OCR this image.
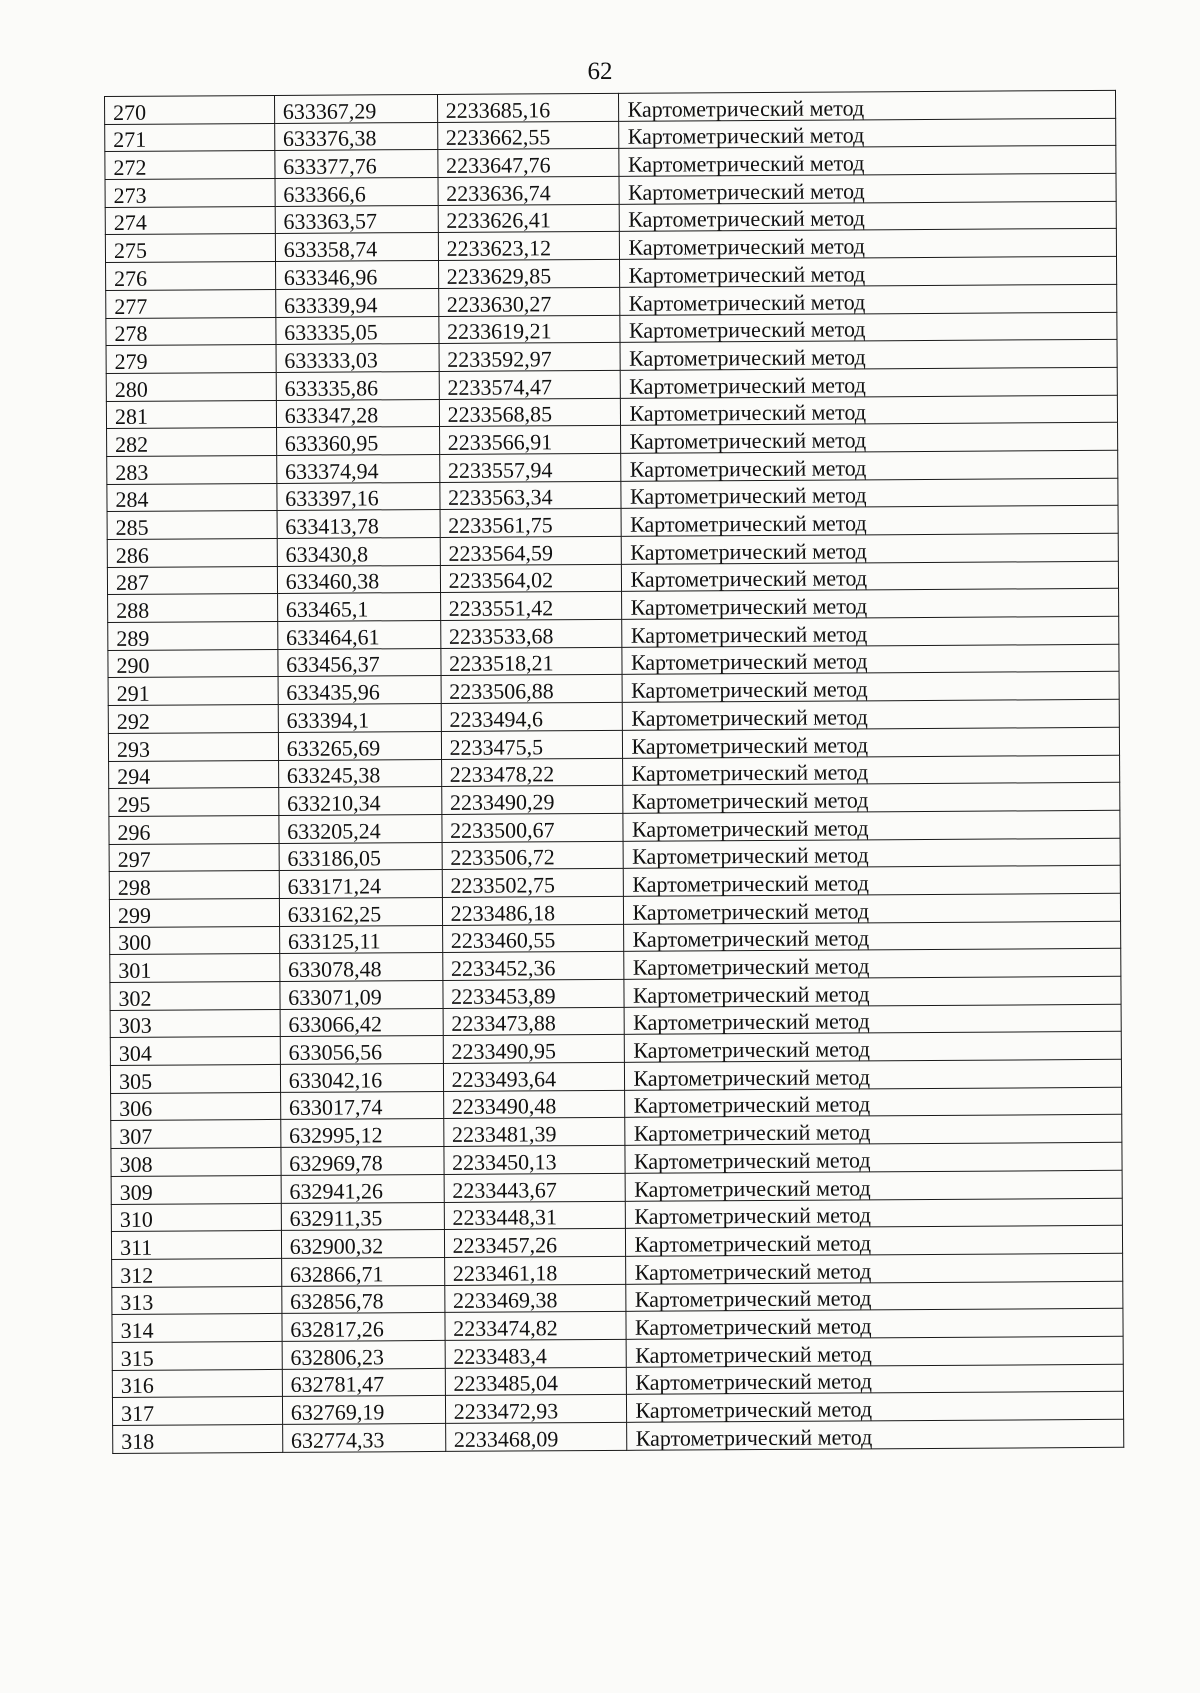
62
270	633367,29	2233685,16	Картометрический метод
271	633376,38	2233662,55	Картометрический метод
272	633377,76	2233647,76	Картометрический метод
273	633366,6	2233636,74	Картометрический метод
274	633363,57	2233626,41	Картометрический метод
275	633358,74	2233623,12	Картометрический метод
276	633346,96	2233629,85	Картометрический метод
277	633339,94	2233630,27	Картометрический метод
278	633335,05	2233619,21	Картометрический метод
279	633333,03	2233592,97	Картометрический метод
280	633335,86	2233574,47	Картометрический метод
281	633347,28	2233568,85	Картометрический метод
282	633360,95	2233566,91	Картометрический метод
283	633374,94	2233557,94	Картометрический метод
284	633397,16	2233563,34	Картометрический метод
285	633413,78	2233561,75	Картометрический метод
286	633430,8	2233564,59	Картометрический метод
287	633460,38	2233564,02	Картометрический метод
288	633465,1	2233551,42	Картометрический метод
289	633464,61	2233533,68	Картометрический метод
290	633456,37	2233518,21	Картометрический метод
291	633435,96	2233506,88	Картометрический метод
292	633394,1	2233494,6	Картометрический метод
293	633265,69	2233475,5	Картометрический метод
294	633245,38	2233478,22	Картометрический метод
295	633210,34	2233490,29	Картометрический метод
296	633205,24	2233500,67	Картометрический метод
297	633186,05	2233506,72	Картометрический метод
298	633171,24	2233502,75	Картометрический метод
299	633162,25	2233486,18	Картометрический метод
300	633125,11	2233460,55	Картометрический метод
301	633078,48	2233452,36	Картометрический метод
302	633071,09	2233453,89	Картометрический метод
303	633066,42	2233473,88	Картометрический метод
304	633056,56	2233490,95	Картометрический метод
305	633042,16	2233493,64	Картометрический метод
306	633017,74	2233490,48	Картометрический метод
307	632995,12	2233481,39	Картометрический метод
308	632969,78	2233450,13	Картометрический метод
309	632941,26	2233443,67	Картометрический метод
310	632911,35	2233448,31	Картометрический метод
311	632900,32	2233457,26	Картометрический метод
312	632866,71	2233461,18	Картометрический метод
313	632856,78	2233469,38	Картометрический метод
314	632817,26	2233474,82	Картометрический метод
315	632806,23	2233483,4	Картометрический метод
316	632781,47	2233485,04	Картометрический метод
317	632769,19	2233472,93	Картометрический метод
318	632774,33	2233468,09	Картометрический метод
